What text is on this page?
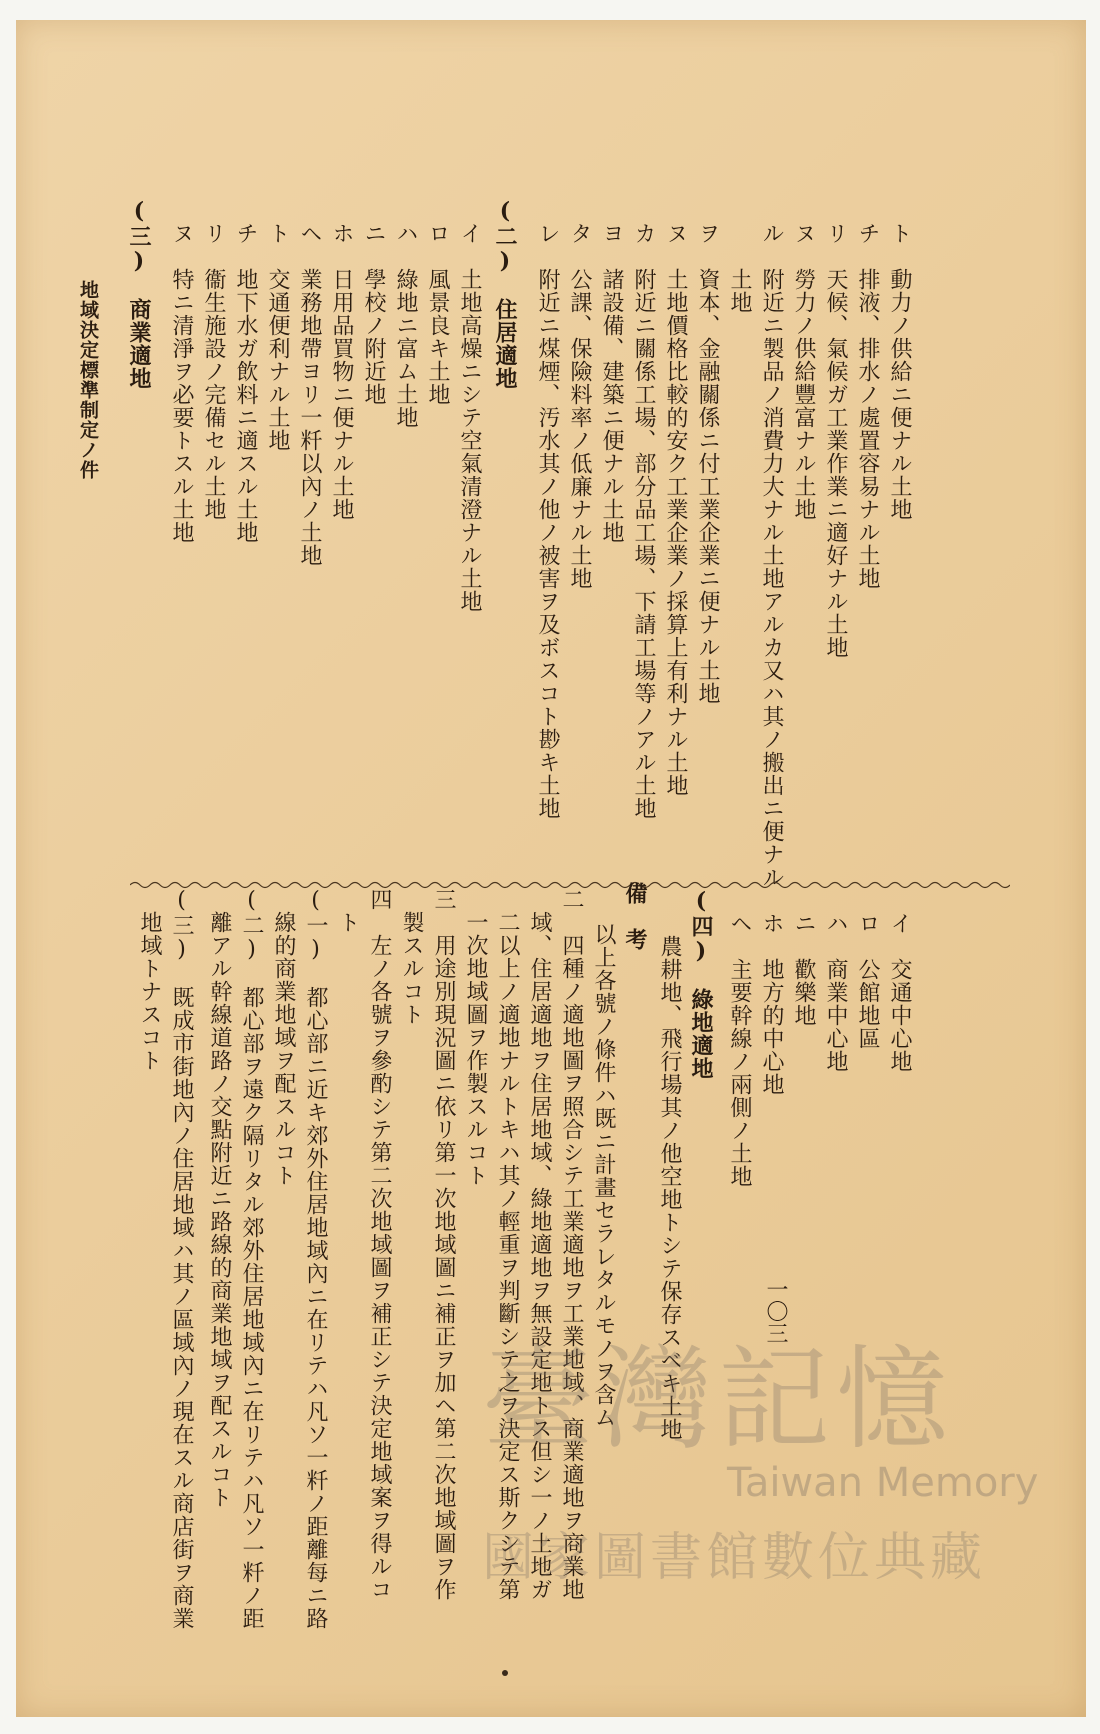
ト　動力ノ供給ニ便ナル土地
チ　排液、排水ノ處置容易ナル土地
リ　天候、氣候ガ工業作業ニ適好ナル土地
ヌ　勞力ノ供給豐富ナル土地
ル　附近ニ製品ノ消費力大ナル土地アルカ又ハ其ノ搬出ニ便ナル
　　土地
ヲ　資本、金融關係ニ付工業企業ニ便ナル土地
ヌ　土地價格比較的安ク工業企業ノ採算上有利ナル土地
カ　附近ニ關係工場、部分品工場、下請工場等ノアル土地
ヨ　諸設備、建築ニ便ナル土地
タ　公課、保險料率ノ低廉ナル土地
レ　附近ニ煤煙、汚水其ノ他ノ被害ヲ及ボスコト尠キ土地
(二)　住居適地
イ　土地高燥ニシテ空氣清澄ナル土地
ロ　風景良キ土地
ハ　綠地ニ富ム土地
ニ　學校ノ附近地
ホ　日用品買物ニ便ナル土地
ヘ　業務地帶ヨリ一粁以內ノ土地
ト　交通便利ナル土地
チ　地下水ガ飲料ニ適スル土地
リ　衞生施設ノ完備セル土地
ヌ　特ニ清淨ヲ必要トスル土地
(三)　商業適地
地域決定標準制定ノ件
イ　交通中心地
ロ　公館地區
ハ　商業中心地
ニ　歡樂地
ホ　地方的中心地
ヘ　主要幹線ノ兩側ノ土地
(四)　綠地適地
　農耕地、飛行場其ノ他空地トシテ保存スベキ土地
備　考
　以上各號ノ條件ハ既ニ計畫セラレタルモノヲ含ム
二　四種ノ適地圖ヲ照合シテ工業適地ヲ工業地域、商業適地ヲ商業地
　域、住居適地ヲ住居地域、綠地適地ヲ無設定地トス但シ一ノ土地ガ
　二以上ノ適地ナルトキハ其ノ輕重ヲ判斷シテ之ヲ決定ス斯クシテ第
　一次地域圖ヲ作製スルコト
三　用途別現況圖ニ依リ第一次地域圖ニ補正ヲ加ヘ第二次地域圖ヲ作
　製スルコト
四　左ノ各號ヲ參酌シテ第二次地域圖ヲ補正シテ決定地域案ヲ得ルコ
　ト
(一)　都心部ニ近キ郊外住居地域內ニ在リテハ凡ソ一粁ノ距離每ニ路
　線的商業地域ヲ配スルコト
(二)　都心部ヲ遠ク隔リタル郊外住居地域內ニ在リテハ凡ソ一粁ノ距
　離アル幹線道路ノ交點附近ニ路線的商業地域ヲ配スルコト
(三)　既成市街地內ノ住居地域ハ其ノ區域內ノ現在スル商店街ヲ商業
　地域トナスコト
一〇三
臺灣記憶
Taiwan Memory
國家圖書館數位典藏
